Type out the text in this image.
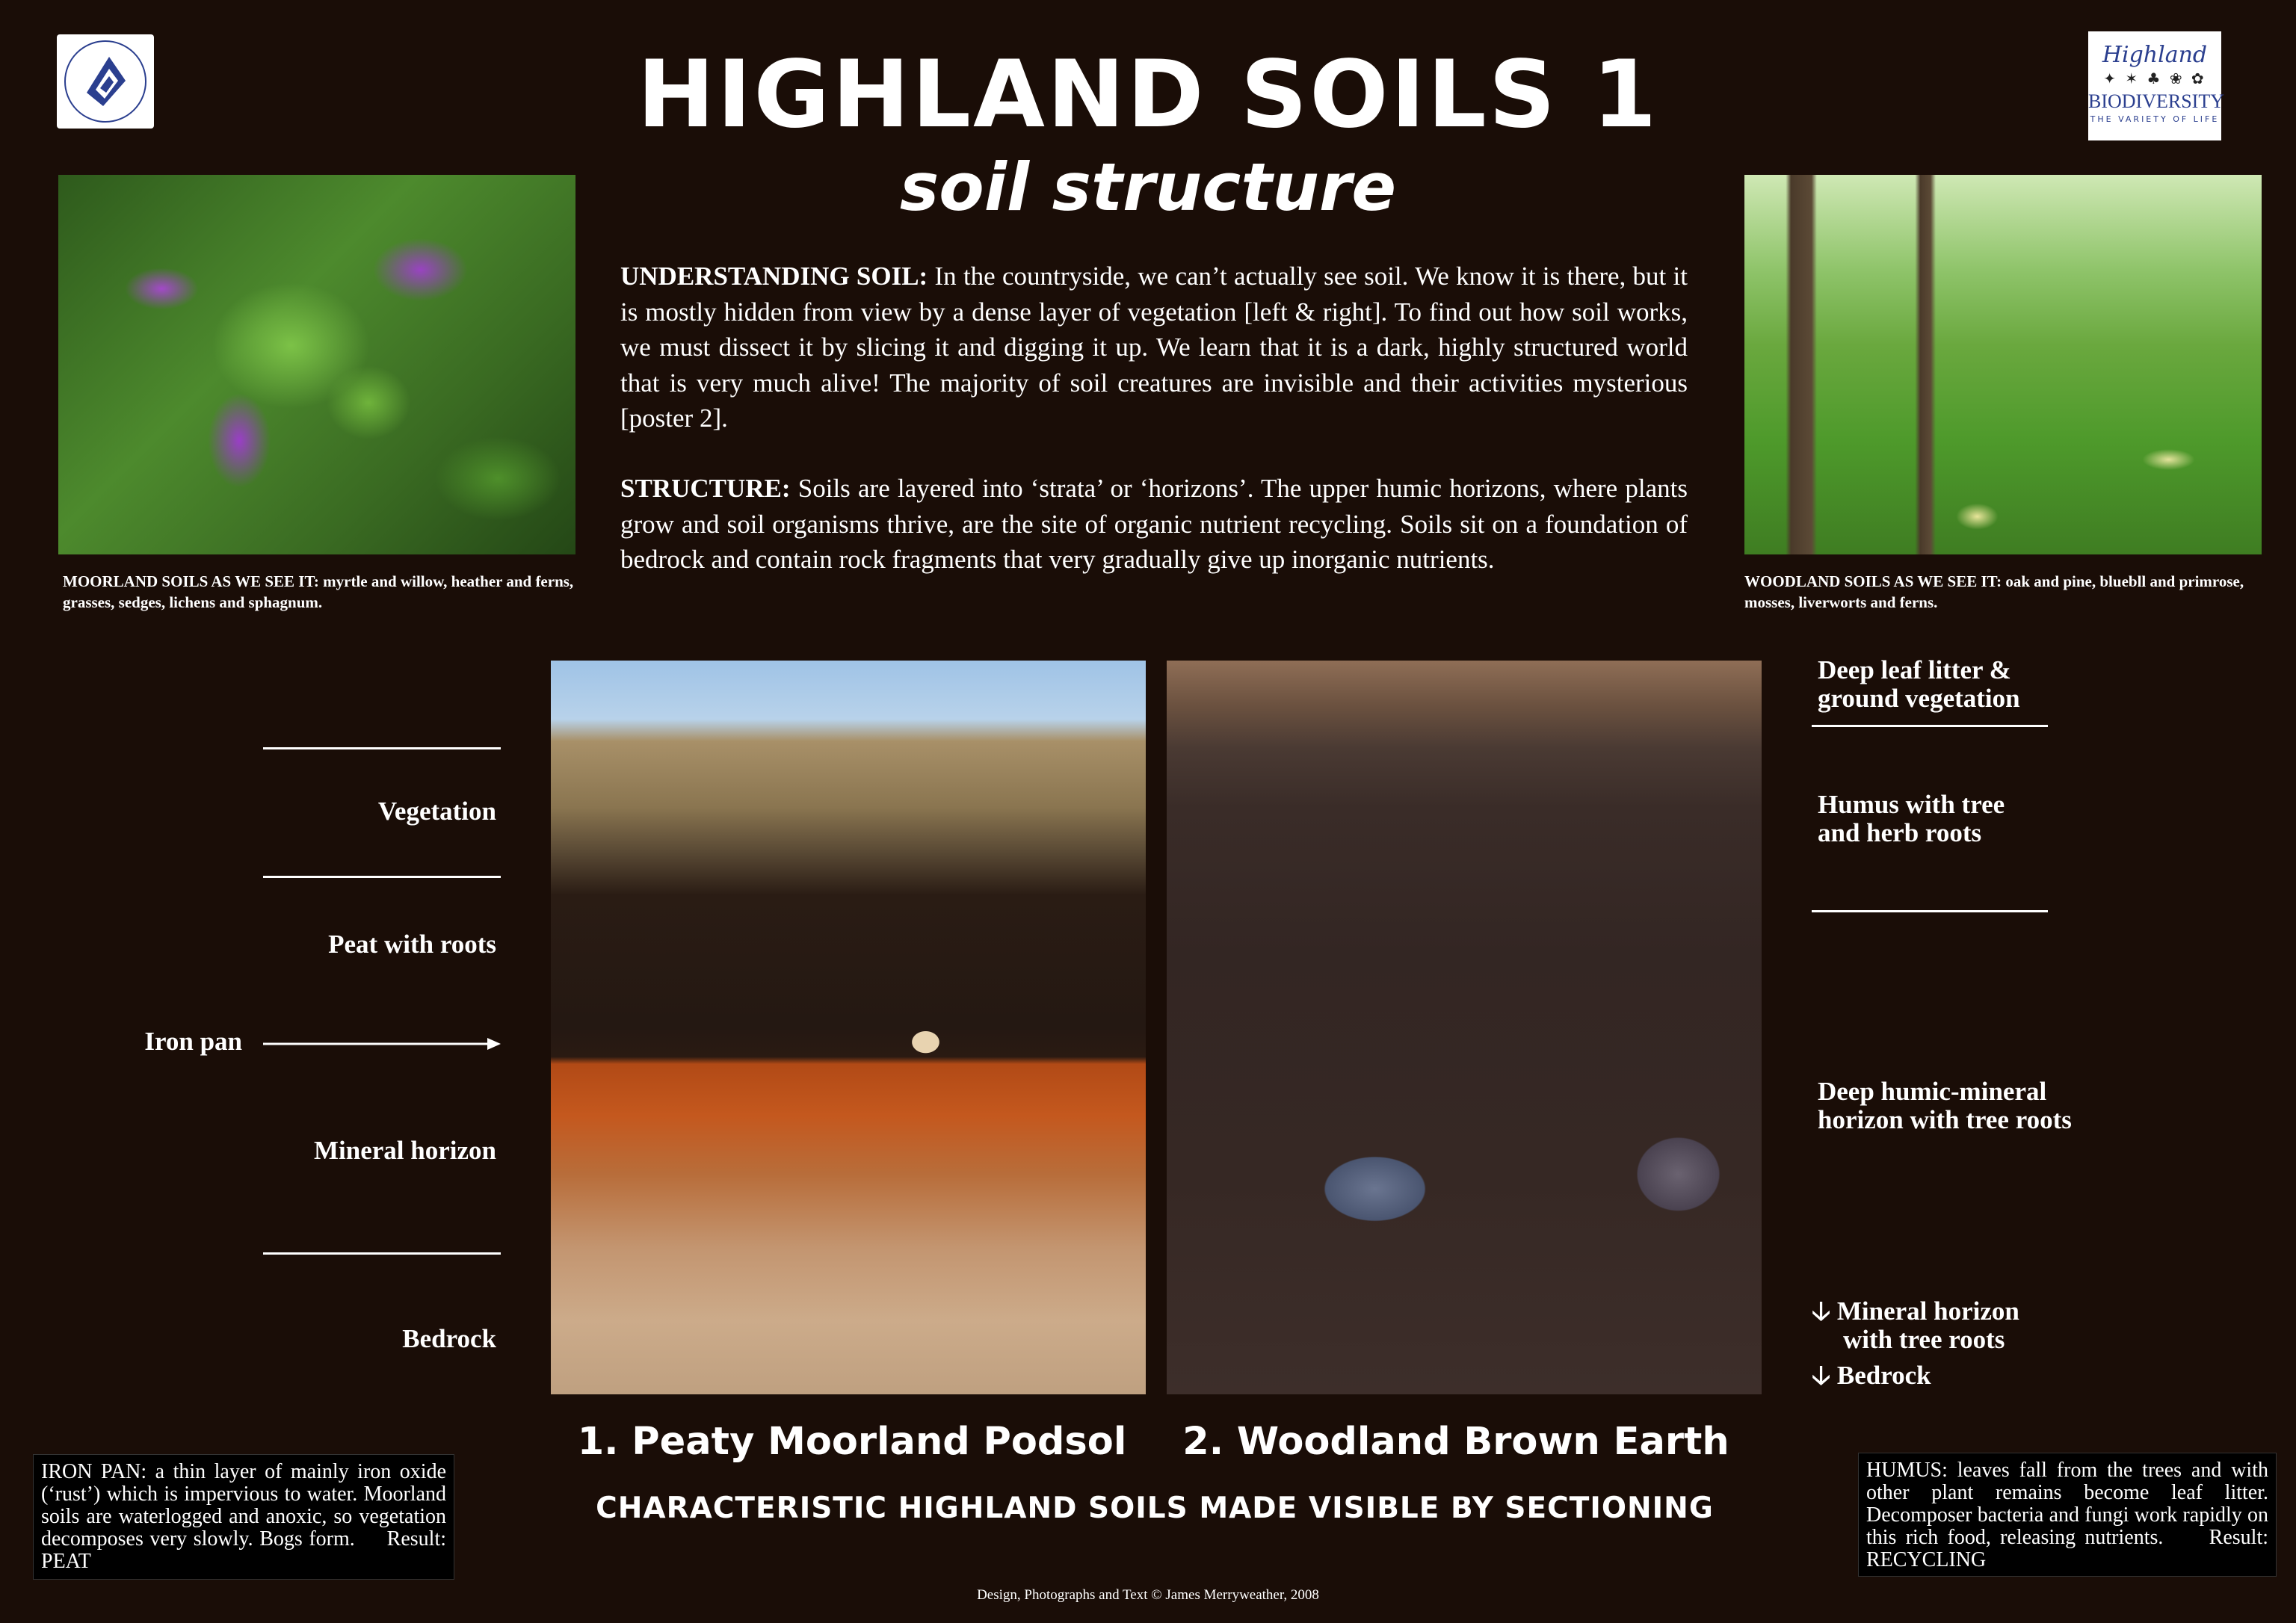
Highland
✦ ✶ ♣ ❀ ✿
BIODIVERSITY
THE VARIETY OF LIFE
HIGHLAND SOILS 1
soil structure
UNDERSTANDING SOIL: In the countryside, we can’t actually see soil. We know it is there, but it is mostly hidden from view by a dense layer of vegetation [left & right]. To find out how soil works, we must dissect it by slicing it and digging it up. We learn that it is a dark, highly structured world that is very much alive! The majority of soil creatures are invisible and their activities mysterious [poster 2].
STRUCTURE: Soils are layered into ‘strata’ or ‘horizons’. The upper humic horizons, where plants grow and soil organisms thrive, are the site of organic nutrient recycling. Soils sit on a foundation of bedrock and contain rock fragments that very gradually give up inorganic nutrients.
MOORLAND SOILS AS WE SEE IT: myrtle and willow, heather and ferns, grasses, sedges, lichens and sphagnum.
WOODLAND SOILS AS WE SEE IT: oak and pine, bluebll and primrose, mosses, liverworts and ferns.
Vegetation
Peat with roots
Iron pan
Mineral horizon
Bedrock
Deep leaf litter &
ground vegetation
Humus with tree
and herb roots
Deep humic-mineral
horizon with tree roots
🡣 Mineral horizon
with tree roots
🡣 Bedrock
1. Peaty Moorland Podsol	2. Woodland Brown Earth
CHARACTERISTIC HIGHLAND SOILS MADE VISIBLE BY SECTIONING
IRON PAN: a thin layer of mainly iron oxide (‘rust’) which is impervious to water. Moorland soils are waterlogged and anoxic, so vegetation decomposes very slowly. Bogs form. Result: PEAT
HUMUS: leaves fall from the trees and with other plant remains become leaf litter. Decomposer bacteria and fungi work rapidly on this rich food, releasing nutrients. Result: RECYCLING
Design, Photographs and Text © James Merryweather, 2008
